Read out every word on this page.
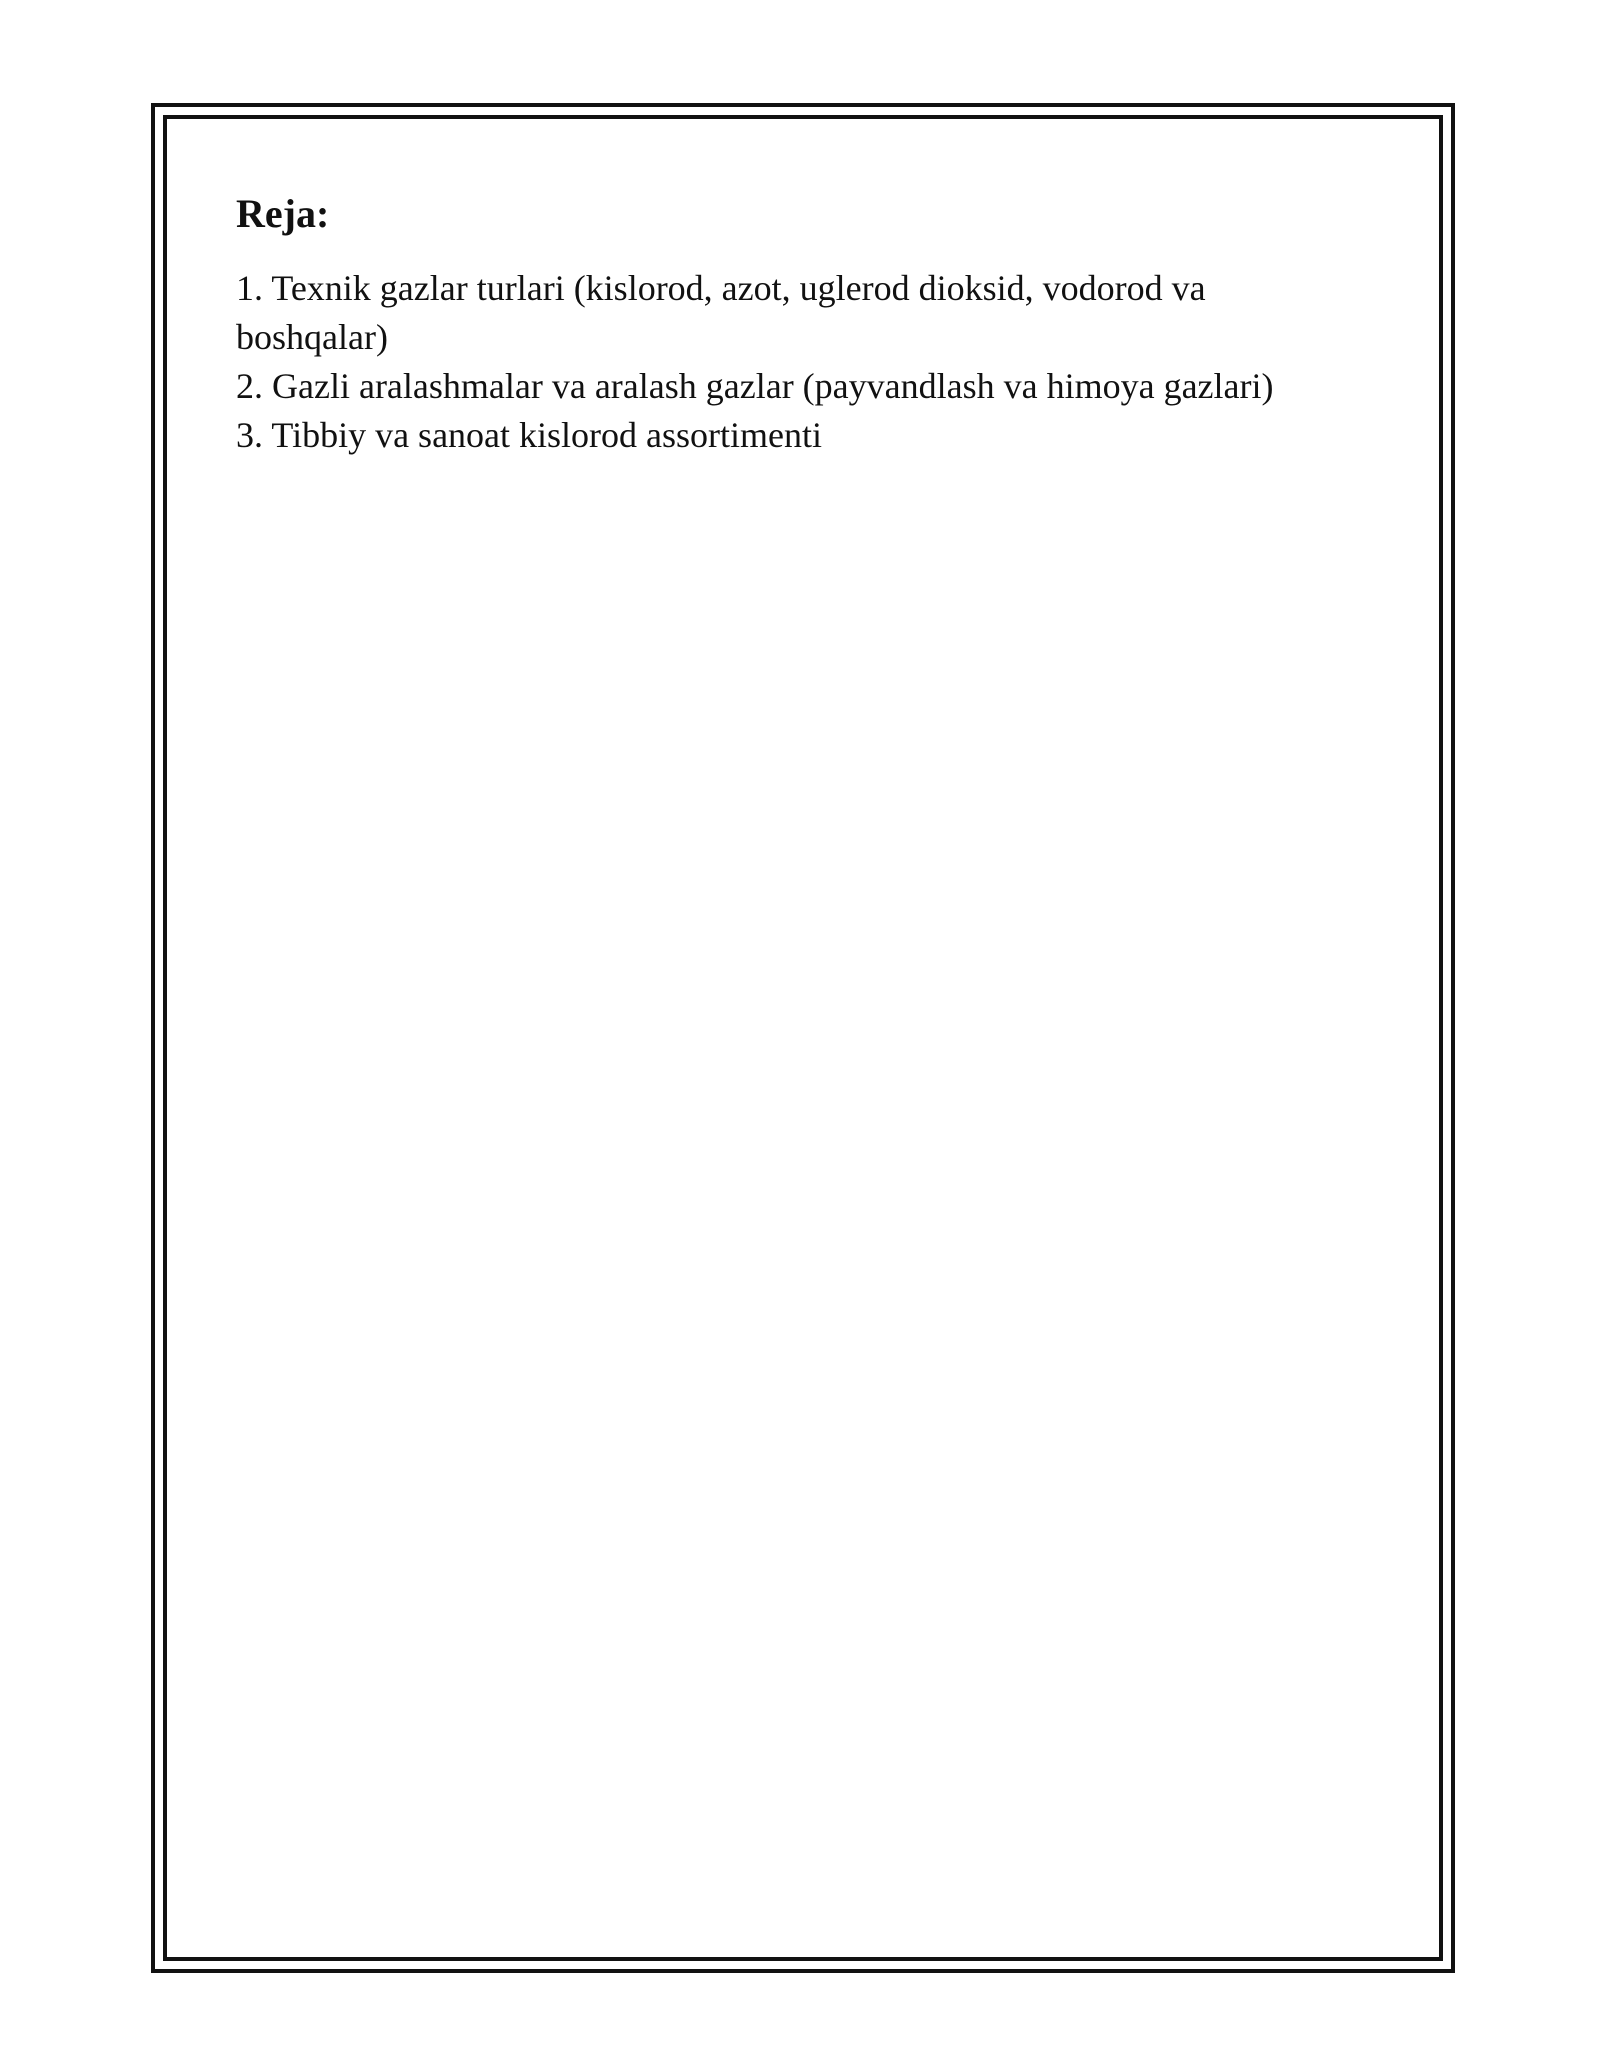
Reja:
1. Texnik gazlar turlari (kislorod, azot, uglerod dioksid, vodorod va boshqalar)
2. Gazli aralashmalar va aralash gazlar (payvandlash va himoya gazlari)
3. Tibbiy va sanoat kislorod assortimenti
